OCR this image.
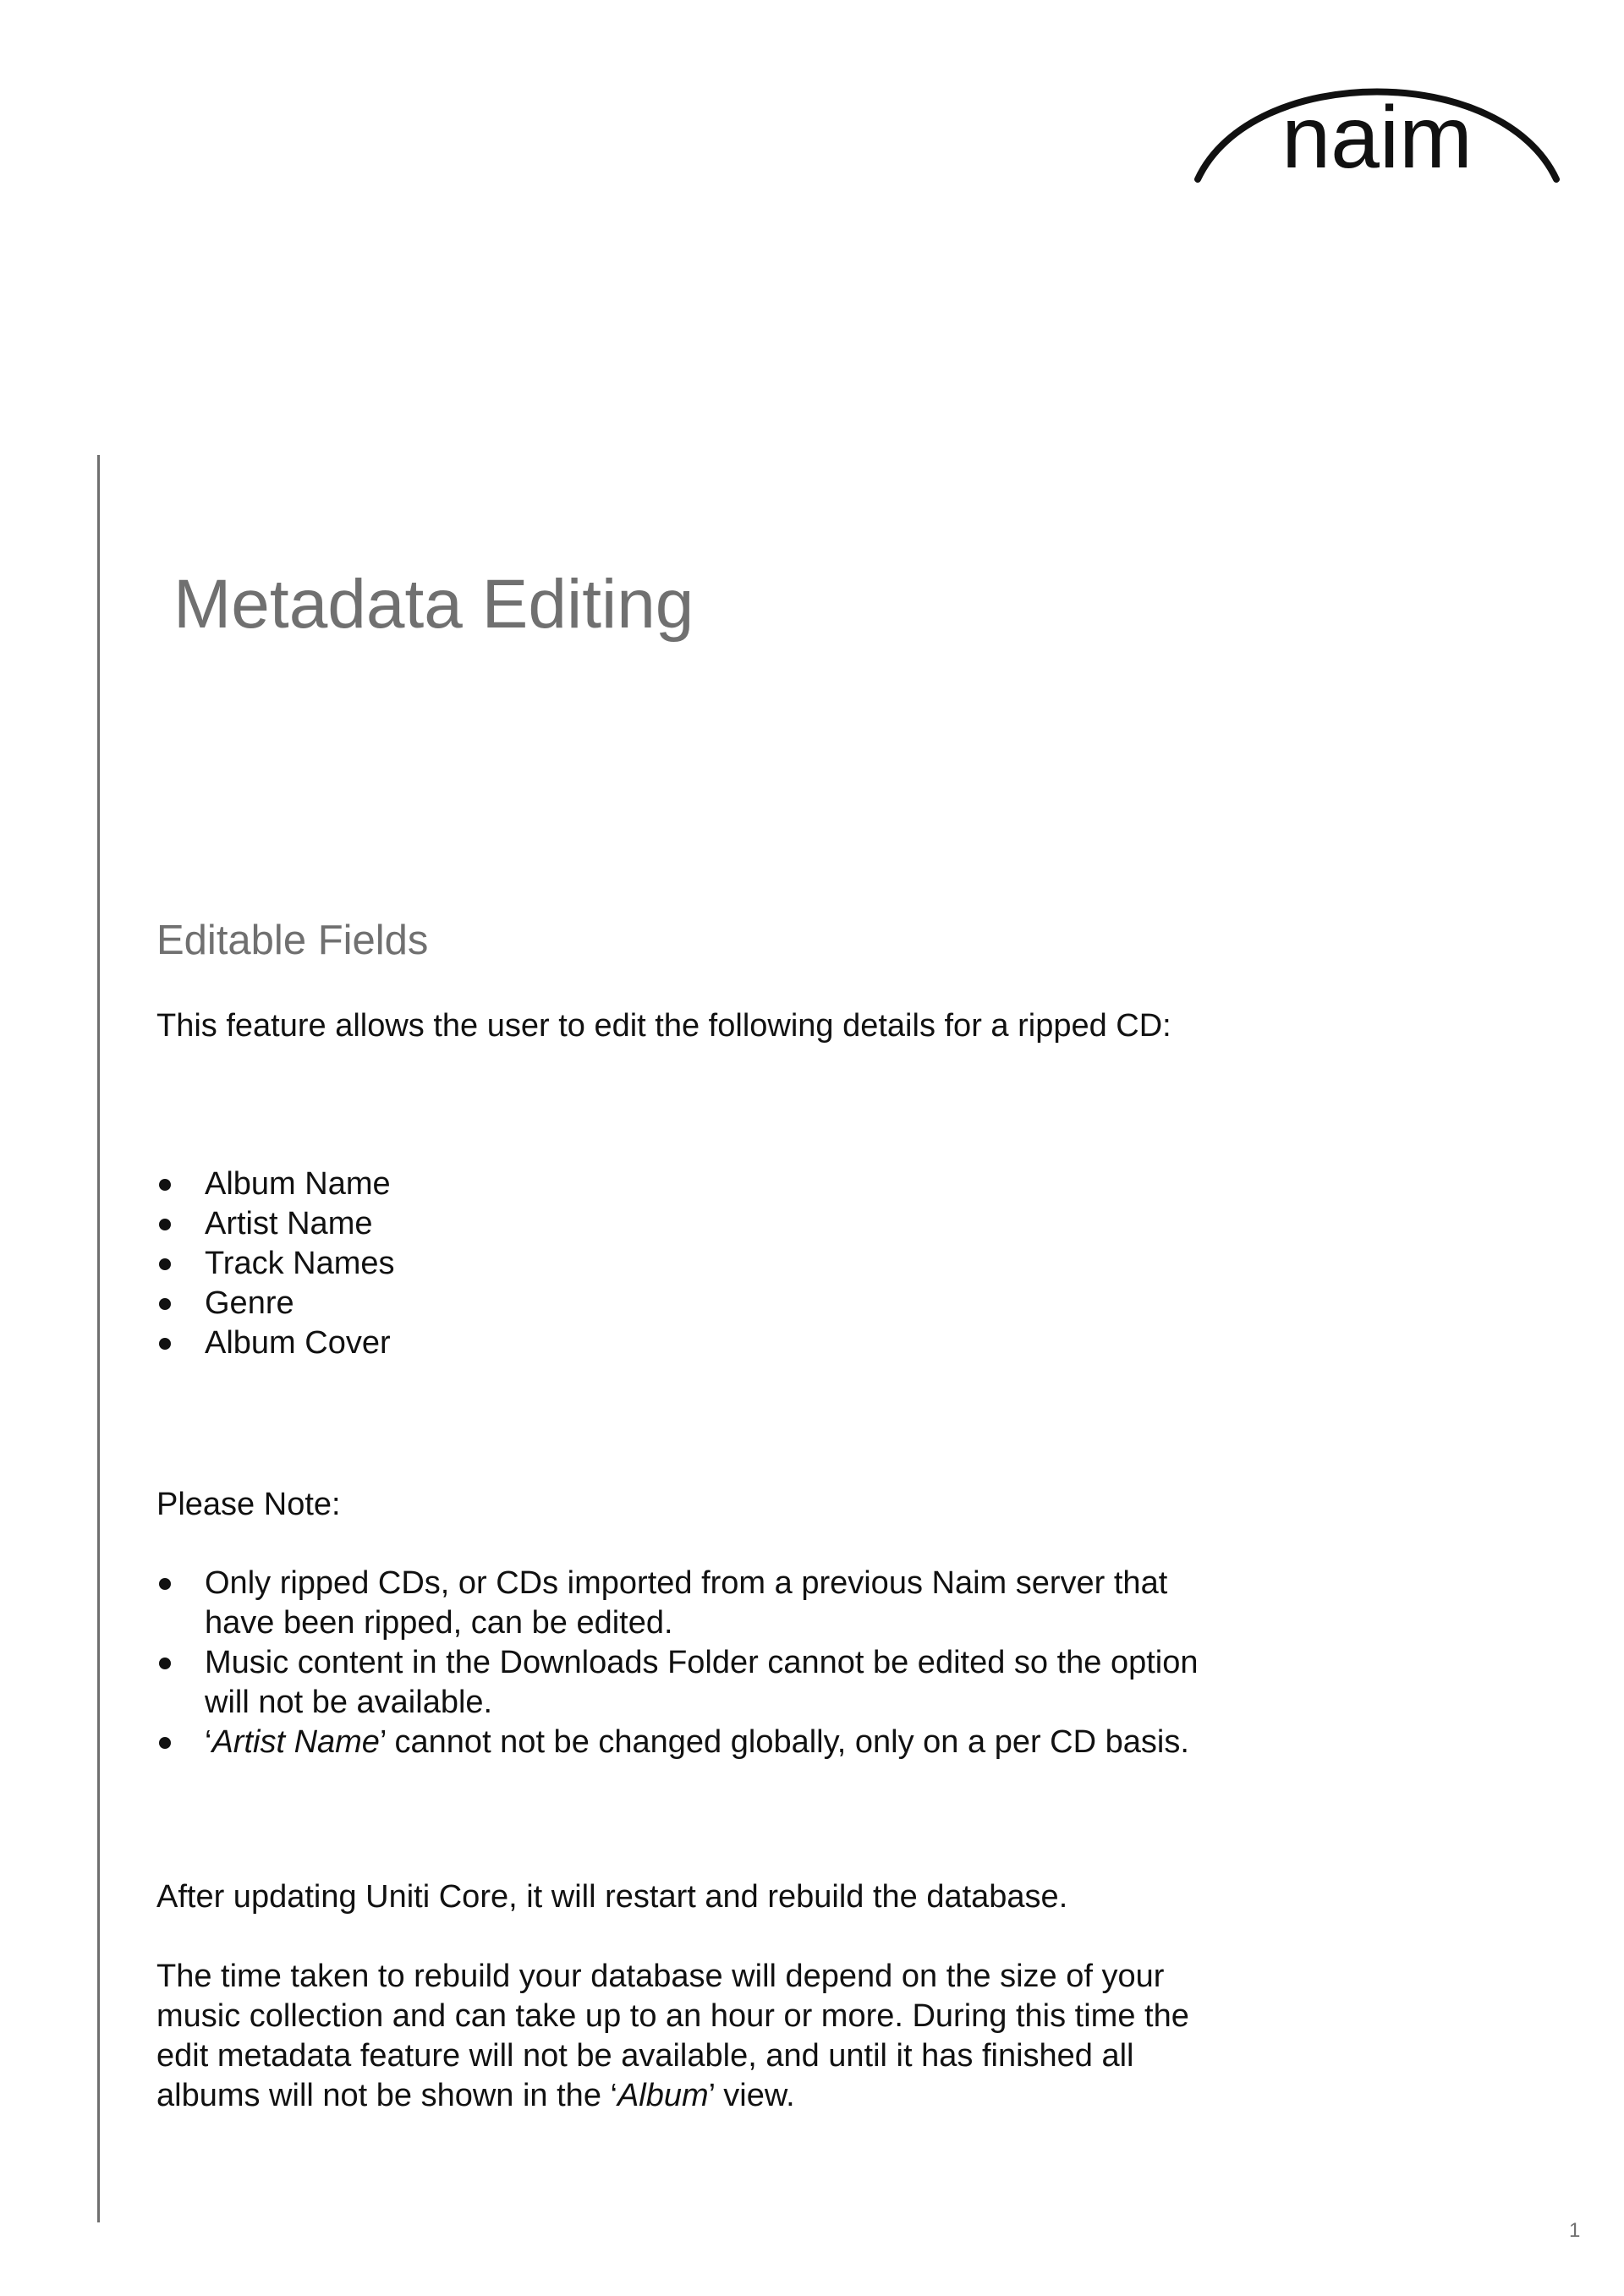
naim
Metadata Editing
Editable Fields

This feature allows the user to edit the following details for a ripped CD:

Album Name
Artist Name
Track Names
Genre
Album Cover

Please Note:

Only ripped CDs, or CDs imported from a previous Naim server that have been ripped, can be edited.
Music content in the Downloads Folder cannot be edited so the option will not be available.
‘Artist Name’ cannot not be changed globally, only on a per CD basis.

After updating Uniti Core, it will restart and rebuild the database.

The time taken to rebuild your database will depend on the size of your music collection and can take up to an hour or more. During this time the edit metadata feature will not be available, and until it has finished all albums will not be shown in the ‘Album’ view.

1
